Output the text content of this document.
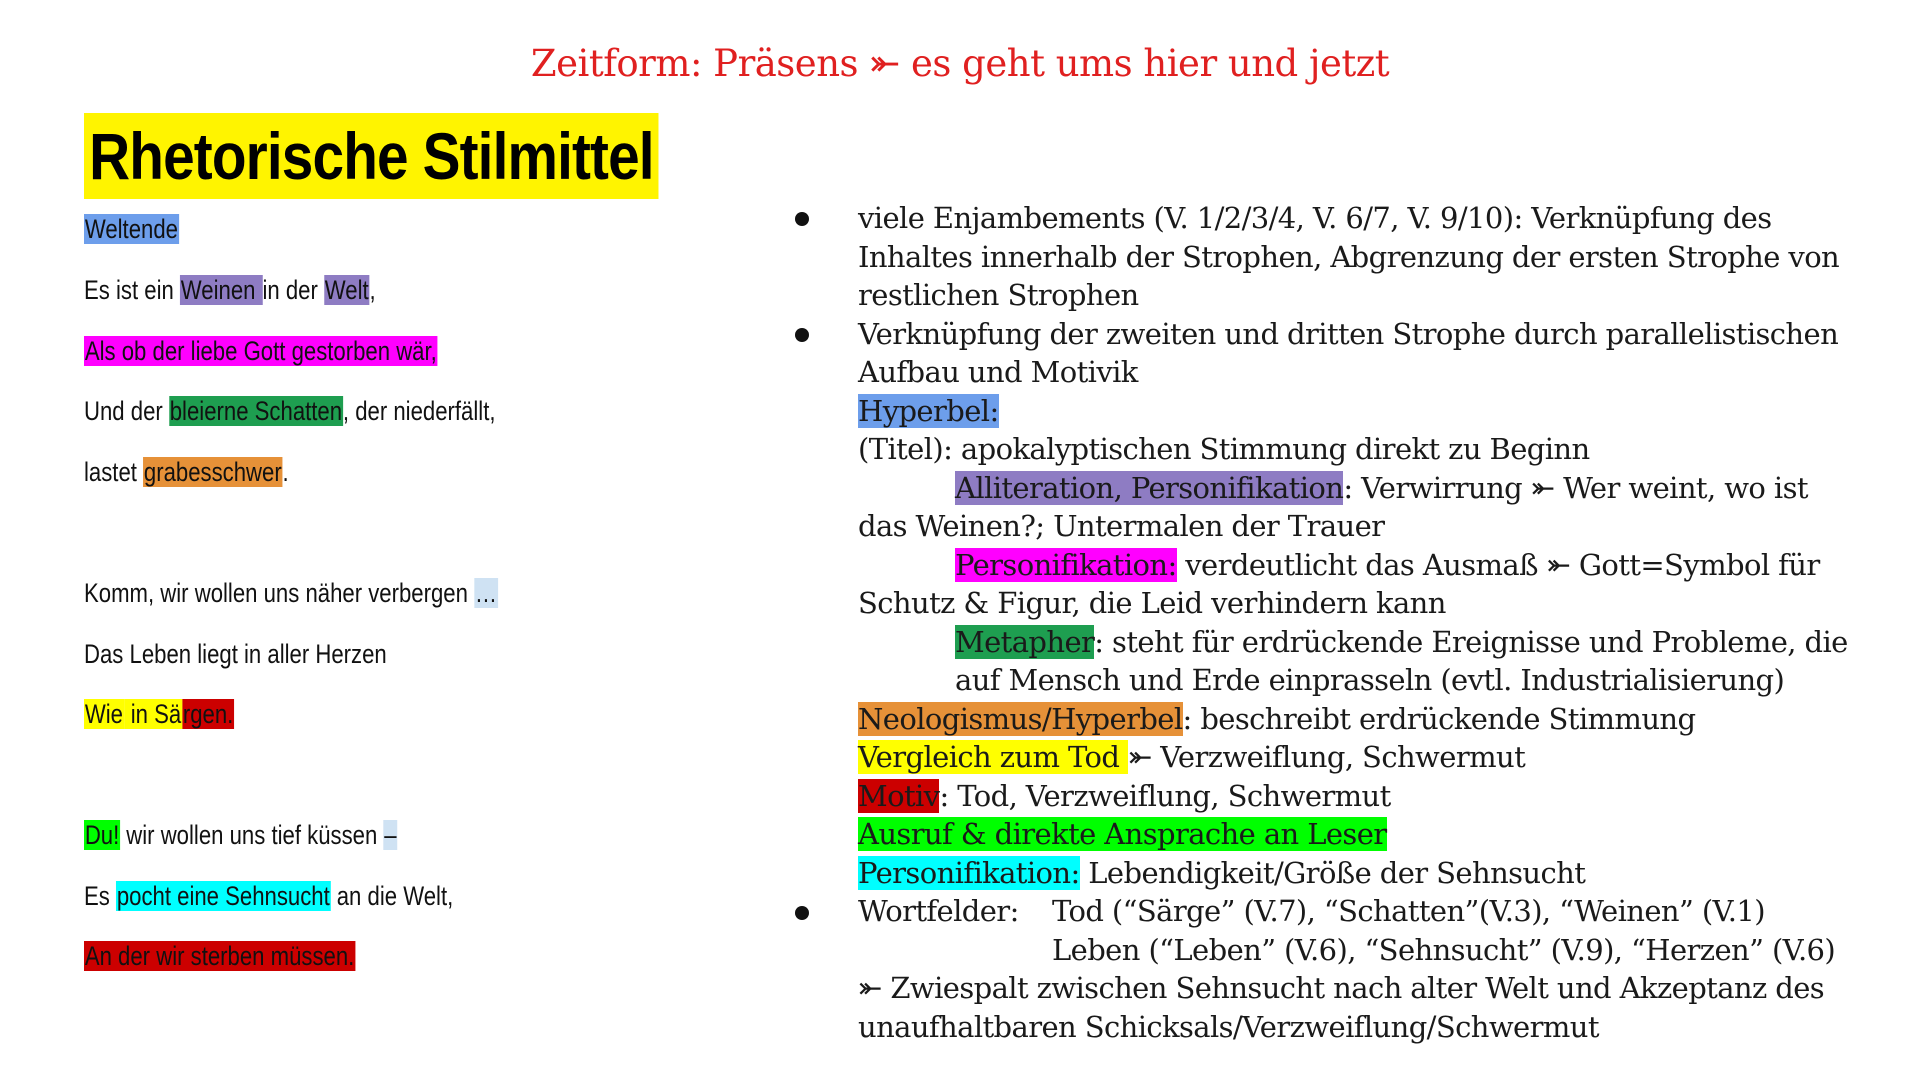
Zeitform: Präsens ⤜ es geht ums hier und jetzt
Rhetorische Stilmittel
Weltende
Es ist ein Weinen in der Welt,
Als ob der liebe Gott gestorben wär,
Und der bleierne Schatten, der niederfällt,
lastet grabesschwer.
Komm, wir wollen uns näher verbergen …
Das Leben liegt in aller Herzen
Wie in Särgen.
Du! wir wollen uns tief küssen –
Es pocht eine Sehnsucht an die Welt,
An der wir sterben müssen.
viele Enjambements (V. 1/2/3/4, V. 6/7, V. 9/10): Verknüpfung des
Inhaltes innerhalb der Strophen, Abgrenzung der ersten Strophe von
restlichen Strophen
Verknüpfung der zweiten und dritten Strophe durch parallelistischen
Aufbau und Motivik
Hyperbel:
(Titel): apokalyptischen Stimmung direkt zu Beginn
Alliteration, Personifikation: Verwirrung ⤜ Wer weint, wo ist
das Weinen?; Untermalen der Trauer
Personifikation: verdeutlicht das Ausmaß ⤜ Gott=Symbol für
Schutz & Figur, die Leid verhindern kann
Metapher: steht für erdrückende Ereignisse und Probleme, die
auf Mensch und Erde einprasseln (evtl. Industrialisierung)
Neologismus/Hyperbel: beschreibt erdrückende Stimmung
Vergleich zum Tod ⤜ Verzweiflung, Schwermut
Motiv: Tod, Verzweiflung, Schwermut
Ausruf & direkte Ansprache an Leser
Personifikation: Lebendigkeit/Größe der Sehnsucht
Wortfelder: Tod (“Särge” (V.7), “Schatten”(V.3), “Weinen” (V.1)
Leben (“Leben” (V.6), “Sehnsucht” (V.9), “Herzen” (V.6)
⤜ Zwiespalt zwischen Sehnsucht nach alter Welt und Akzeptanz des
unaufhaltbaren Schicksals/Verzweiflung/Schwermut
